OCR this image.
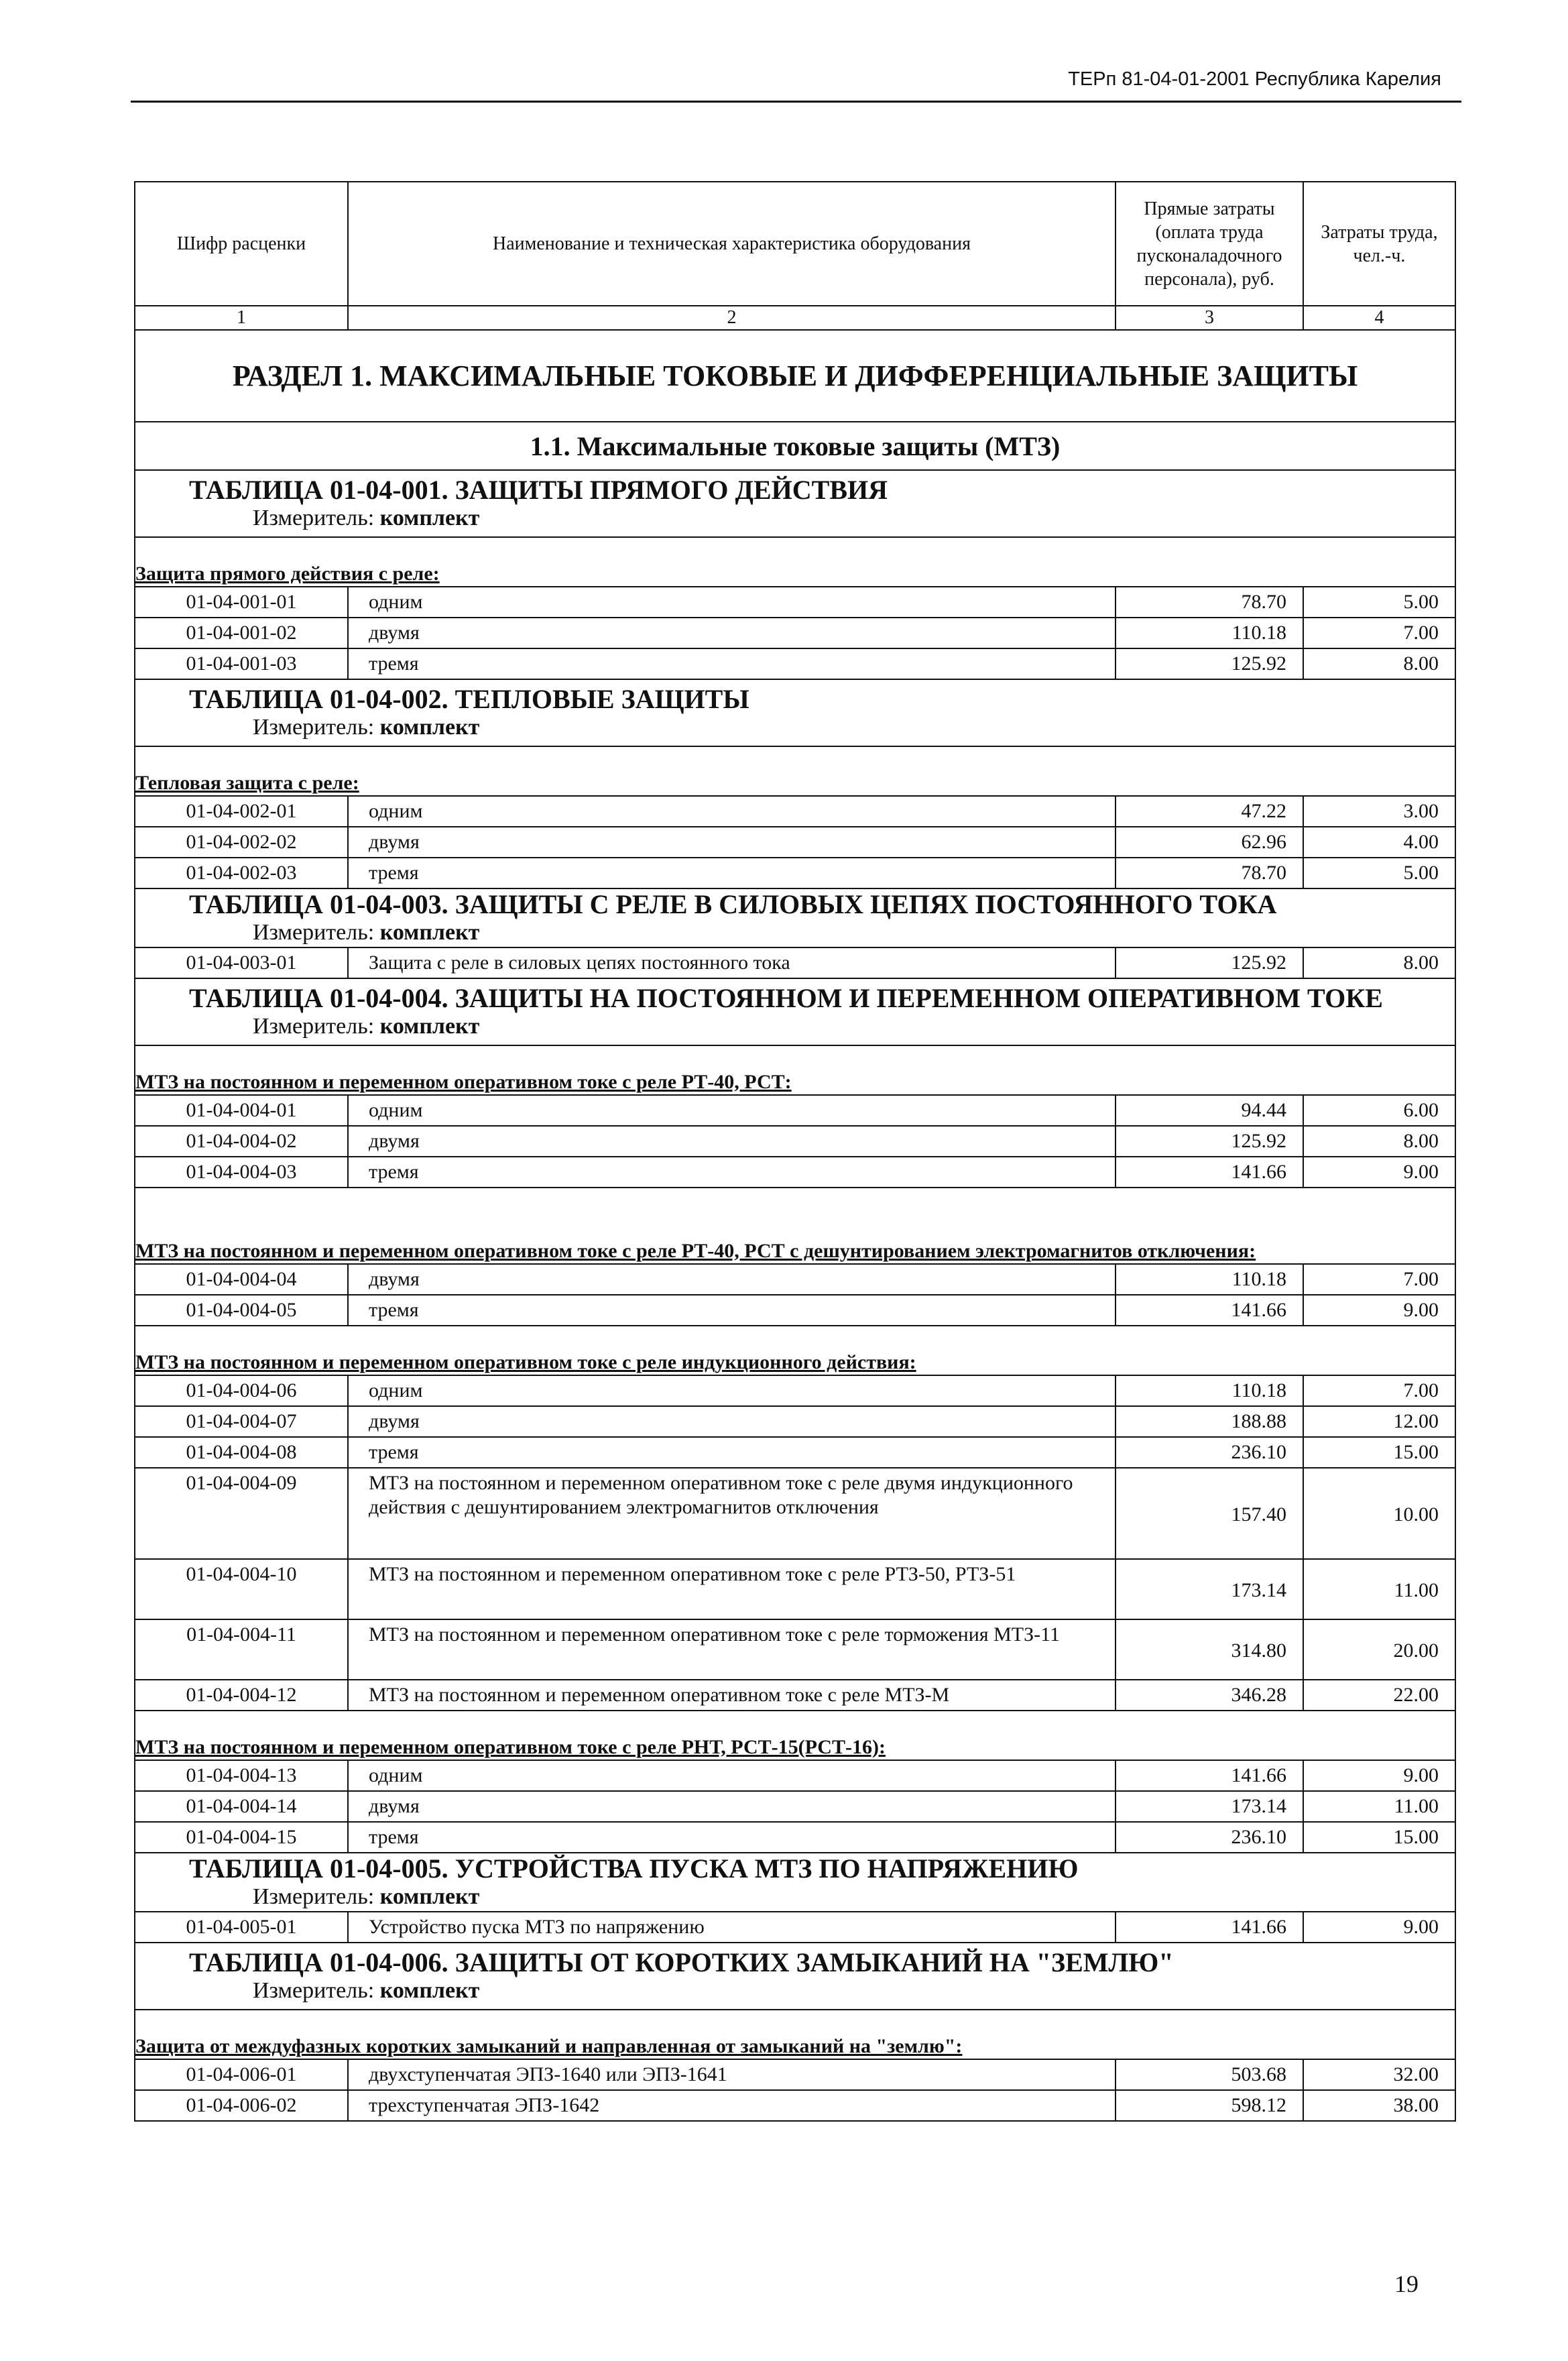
ТЕРп 81-04-01-2001 Республика Карелия
Шифр расценки	Наименование и техническая характеристика оборудования	Прямые затраты (оплата труда пусконаладочного персонала), руб.	Затраты труда, чел.-ч.
1	2	3	4
РАЗДЕЛ 1. МАКСИМАЛЬНЫЕ ТОКОВЫЕ И ДИФФЕРЕНЦИАЛЬНЫЕ ЗАЩИТЫ			
1.1. Максимальные токовые защиты (МТЗ)			

ТАБЛИЦА 01-04-001. ЗАЩИТЫ ПРЯМОГО ДЕЙСТВИЯ
Измеритель: комплект			

Защита прямого действия с реле:			
01-04-001-01	одним	78.70	5.00
01-04-001-02	двумя	110.18	7.00
01-04-001-03	тремя	125.92	8.00

ТАБЛИЦА 01-04-002. ТЕПЛОВЫЕ ЗАЩИТЫ
Измеритель: комплект			

Тепловая защита с реле:			
01-04-002-01	одним	47.22	3.00
01-04-002-02	двумя	62.96	4.00
01-04-002-03	тремя	78.70	5.00

ТАБЛИЦА 01-04-003. ЗАЩИТЫ С РЕЛЕ В СИЛОВЫХ ЦЕПЯХ ПОСТОЯННОГО ТОКА
Измеритель: комплект			

01-04-003-01	Защита с реле в силовых цепях постоянного тока	125.92	8.00

ТАБЛИЦА 01-04-004. ЗАЩИТЫ НА ПОСТОЯННОМ И ПЕРЕМЕННОМ ОПЕРАТИВНОМ ТОКЕ
Измеритель: комплект			

МТЗ на постоянном и переменном оперативном токе с реле РТ-40, РСТ:			
01-04-004-01	одним	94.44	6.00
01-04-004-02	двумя	125.92	8.00
01-04-004-03	тремя	141.66	9.00
МТЗ на постоянном и переменном оперативном токе с реле РТ-40, РСТ с дешунтированием электромагнитов отключения:			
01-04-004-04	двумя	110.18	7.00
01-04-004-05	тремя	141.66	9.00
МТЗ на постоянном и переменном оперативном токе с реле индукционного действия:			
01-04-004-06	одним	110.18	7.00
01-04-004-07	двумя	188.88	12.00
01-04-004-08	тремя	236.10	15.00
01-04-004-09	МТЗ на постоянном и переменном оперативном токе с реле двумя индукционного действия с дешунтированием электромагнитов отключения	157.40	10.00
01-04-004-10	МТЗ на постоянном и переменном оперативном токе с реле РТЗ-50, РТЗ-51	173.14	11.00
01-04-004-11	МТЗ на постоянном и переменном оперативном токе с реле торможения МТЗ-11	314.80	20.00
01-04-004-12	МТЗ на постоянном и переменном оперативном токе с реле МТЗ-М	346.28	22.00
МТЗ на постоянном и переменном оперативном токе с реле РНТ, РСТ-15(РСТ-16):			
01-04-004-13	одним	141.66	9.00
01-04-004-14	двумя	173.14	11.00
01-04-004-15	тремя	236.10	15.00

ТАБЛИЦА 01-04-005. УСТРОЙСТВА ПУСКА МТЗ ПО НАПРЯЖЕНИЮ
Измеритель: комплект			

01-04-005-01	Устройство пуска МТЗ по напряжению	141.66	9.00

ТАБЛИЦА 01-04-006. ЗАЩИТЫ ОТ КОРОТКИХ ЗАМЫКАНИЙ НА "ЗЕМЛЮ"
Измеритель: комплект			

Защита от междуфазных коротких замыканий и направленная от замыканий на "землю":			
01-04-006-01	двухступенчатая ЭПЗ-1640 или ЭПЗ-1641	503.68	32.00
01-04-006-02	трехступенчатая ЭПЗ-1642	598.12	38.00
19
